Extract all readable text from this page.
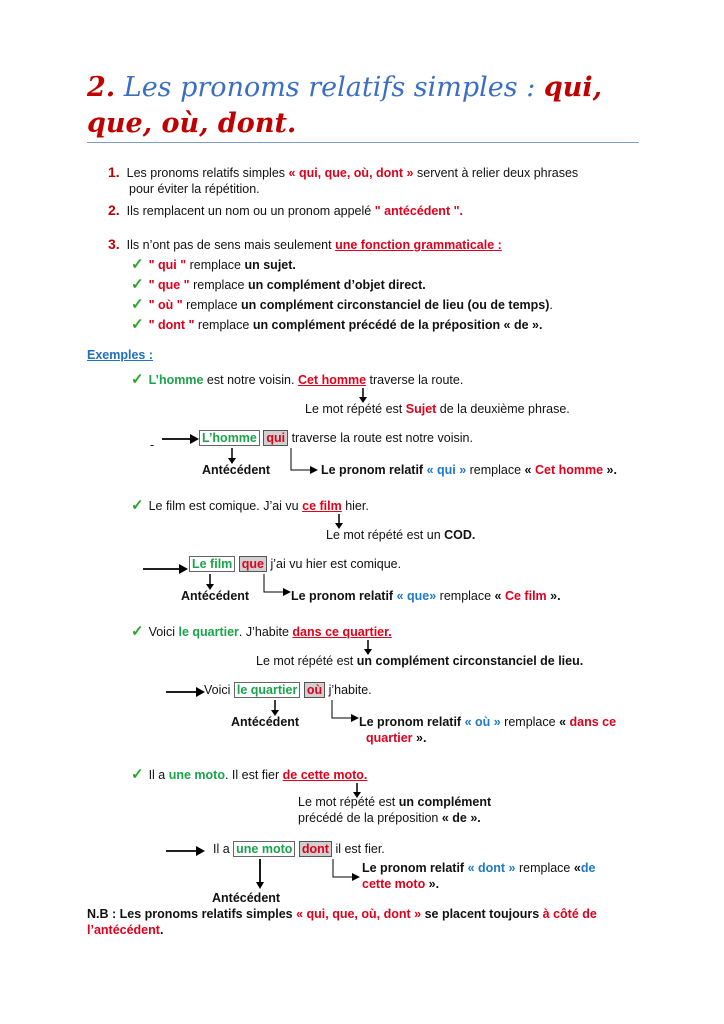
2. Les pronoms relatifs simples : qui, que, où, dont.
1. Les pronoms relatifs simples « qui, que, où, dont » servent à relier deux phrases
pour éviter la répétition.
2. Ils remplacent un nom ou un pronom appelé " antécédent ".
3. Ils n’ont pas de sens mais seulement une fonction grammaticale :
✓ " qui " remplace un sujet.
✓ " que " remplace un complément d’objet direct.
✓ " où " remplace un complément circonstanciel de lieu (ou de temps).
✓ " dont " remplace un complément précédé de la préposition « de ».
Exemples :
✓ L’homme est notre voisin. Cet homme traverse la route.
Le mot répété est Sujet de la deuxième phrase.
-	L’homme qui traverse la route est notre voisin.
Antécédent	Le pronom relatif « qui » remplace « Cet homme ».
✓ Le film est comique. J’ai vu ce film hier.
Le mot répété est un COD.
Le film que j’ai vu hier est comique.
Antécédent	Le pronom relatif « que» remplace « Ce film ».
✓ Voici le quartier. J’habite dans ce quartier.
Le mot répété est un complément circonstanciel de lieu.
Voici le quartier où j’habite.
Antécédent	Le pronom relatif « où » remplace « dans ce
quartier ».
✓ Il a une moto. Il est fier de cette moto.
Le mot répété est un complément
précédé de la préposition « de ».
Il a une moto dont il est fier.
Le pronom relatif « dont » remplace «de
cette moto ».
Antécédent
N.B : Les pronoms relatifs simples « qui, que, où, dont » se placent toujours à côté de
l’antécédent.
